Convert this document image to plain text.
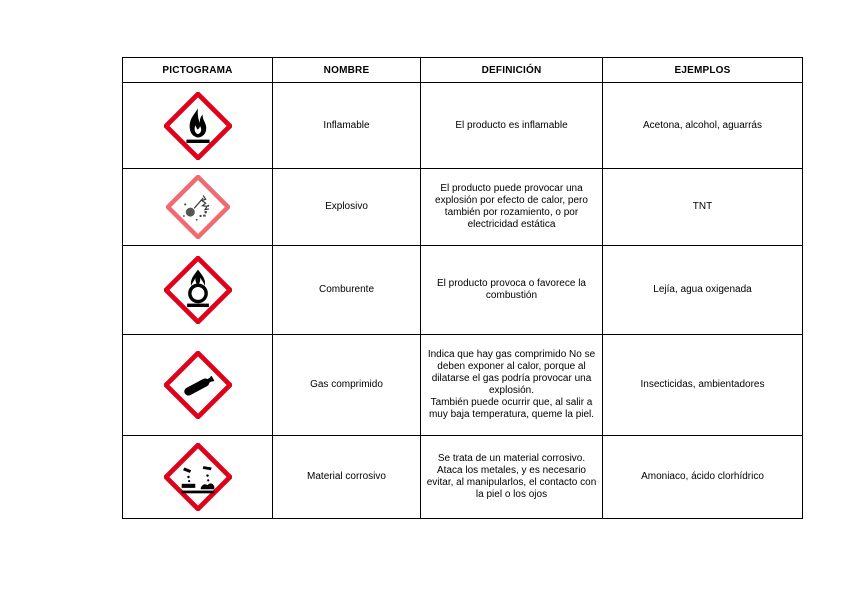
PICTOGRAMA	NOMBRE	DEFINICIÓN	EJEMPLOS

	Inflamable	El producto es inflamable	Acetona, alcohol, aguarrás

	Explosivo	El producto puede provocar una explosión por efecto de calor, pero también por rozamiento, o por electricidad estática	TNT

	Comburente	El producto provoca o favorece la combustión	Lejía, agua oxigenada

	Gas comprimido	Indica que hay gas comprimido No se deben exponer al calor, porque al dilatarse el gas podría provocar una explosión.
También puede ocurrir que, al salir a muy baja temperatura, queme la piel.	Insecticidas, ambientadores

	Material corrosivo	Se trata de un material corrosivo. Ataca los metales, y es necesario evitar, al manipularlos, el contacto con la piel o los ojos	Amoniaco, ácido clorhídrico
